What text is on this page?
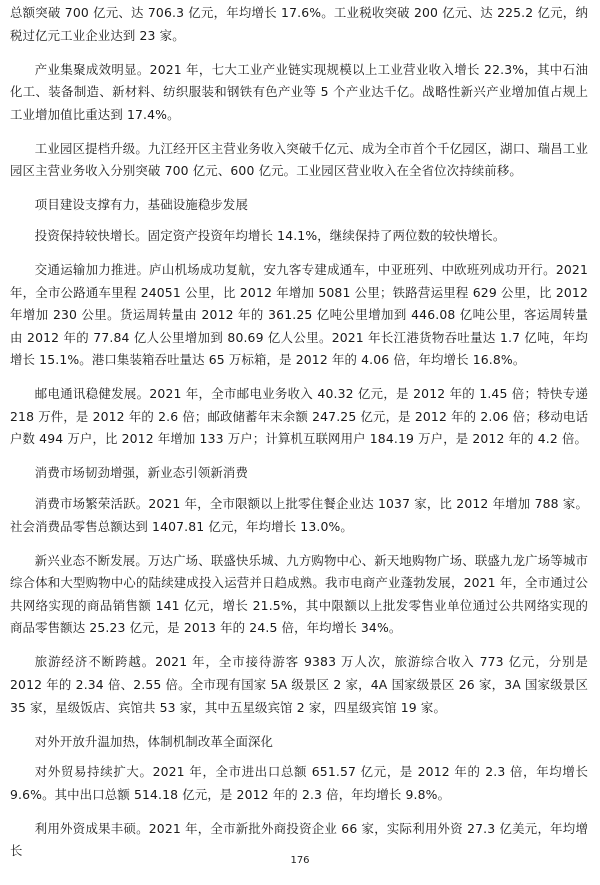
总额突破 700 亿元、达 706.3 亿元，年均增长 17.6%。工业税收突破 200 亿元、达 225.2 亿元，纳税过亿元工业企业达到 23 家。

产业集聚成效明显。2021 年，七大工业产业链实现规模以上工业营业收入增长 22.3%，其中石油化工、装备制造、新材料、纺织服装和钢铁有色产业等 5 个产业达千亿。战略性新兴产业增加值占规上工业增加值比重达到 17.4%。

工业园区提档升级。九江经开区主营业务收入突破千亿元、成为全市首个千亿园区，湖口、瑞昌工业园区主营业务收入分别突破 700 亿元、600 亿元。工业园区营业收入在全省位次持续前移。

项目建设支撑有力，基础设施稳步发展

投资保持较快增长。固定资产投资年均增长 14.1%，继续保持了两位数的较快增长。

交通运输加力推进。庐山机场成功复航，安九客专建成通车，中亚班列、中欧班列成功开行。2021 年，全市公路通车里程 24051 公里，比 2012 年增加 5081 公里；铁路营运里程 629 公里，比 2012 年增加 230 公里。货运周转量由 2012 年的 361.25 亿吨公里增加到 446.08 亿吨公里，客运周转量由 2012 年的 77.84 亿人公里增加到 80.69 亿人公里。2021 年长江港货物吞吐量达 1.7 亿吨，年均增长 15.1%。港口集装箱吞吐量达 65 万标箱，是 2012 年的 4.06 倍，年均增长 16.8%。

邮电通讯稳健发展。2021 年，全市邮电业务收入 40.32 亿元，是 2012 年的 1.45 倍；特快专递 218 万件，是 2012 年的 2.6 倍；邮政储蓄年末余额 247.25 亿元，是 2012 年的 2.06 倍；移动电话户数 494 万户，比 2012 年增加 133 万户；计算机互联网用户 184.19 万户，是 2012 年的 4.2 倍。

消费市场韧劲增强，新业态引领新消费

消费市场繁荣活跃。2021 年，全市限额以上批零住餐企业达 1037 家，比 2012 年增加 788 家。社会消费品零售总额达到 1407.81 亿元，年均增长 13.0%。

新兴业态不断发展。万达广场、联盛快乐城、九方购物中心、新天地购物广场、联盛九龙广场等城市综合体和大型购物中心的陆续建成投入运营并日趋成熟。我市电商产业蓬勃发展，2021 年，全市通过公共网络实现的商品销售额 141 亿元，增长 21.5%，其中限额以上批发零售业单位通过公共网络实现的商品零售额达 25.23 亿元，是 2013 年的 24.5 倍，年均增长 34%。

旅游经济不断跨越。2021 年，全市接待游客 9383 万人次，旅游综合收入 773 亿元，分别是 2012 年的 2.34 倍、2.55 倍。全市现有国家 5A 级景区 2 家，4A 国家级景区 26 家，3A 国家级景区 35 家，星级饭店、宾馆共 53 家，其中五星级宾馆 2 家，四星级宾馆 19 家。

对外开放升温加热，体制机制改革全面深化

对外贸易持续扩大。2021 年，全市进出口总额 651.57 亿元，是 2012 年的 2.3 倍，年均增长 9.6%。其中出口总额 514.18 亿元，是 2012 年的 2.3 倍，年均增长 9.8%。

利用外资成果丰硕。2021 年，全市新批外商投资企业 66 家，实际利用外资 27.3 亿美元，年均增长

176
